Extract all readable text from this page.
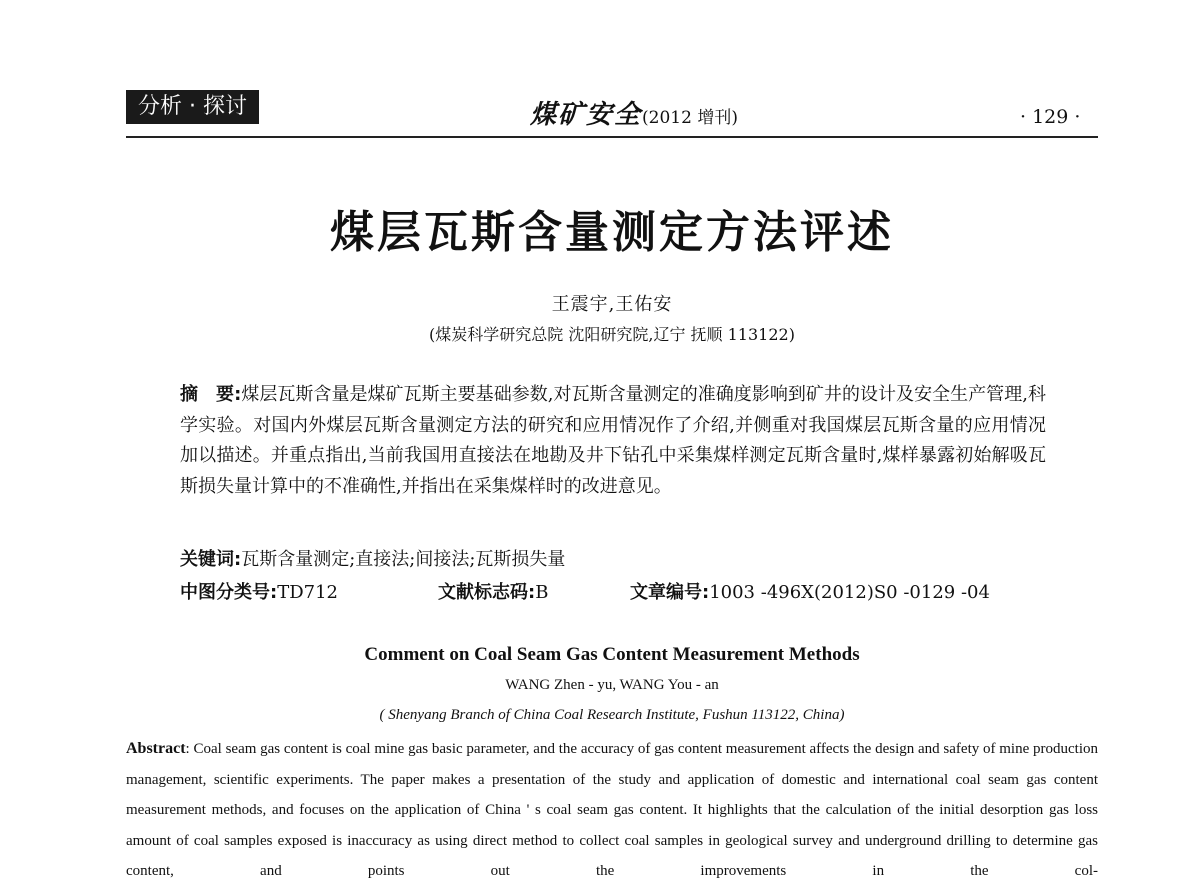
分析 · 探讨	煤矿安全(2012 增刊)	· 129 ·
煤层瓦斯含量测定方法评述
王震宇,王佑安
(煤炭科学研究总院 沈阳研究院,辽宁 抚顺 113122)
摘　要:煤层瓦斯含量是煤矿瓦斯主要基础参数,对瓦斯含量测定的准确度影响到矿井的设计及安全生产管理,科学实验。对国内外煤层瓦斯含量测定方法的研究和应用情况作了介绍,并侧重对我国煤层瓦斯含量的应用情况加以描述。并重点指出,当前我国用直接法在地勘及井下钻孔中采集煤样测定瓦斯含量时,煤样暴露初始解吸瓦斯损失量计算中的不准确性,并指出在采集煤样时的改进意见。
关键词:瓦斯含量测定;直接法;间接法;瓦斯损失量
中图分类号:TD712	文献标志码:B	文章编号:1003 -496X(2012)S0 -0129 -04
Comment on Coal Seam Gas Content Measurement Methods
WANG Zhen - yu, WANG You - an
( Shenyang Branch of China Coal Research Institute, Fushun 113122, China)
Abstract: Coal seam gas content is coal mine gas basic parameter, and the accuracy of gas content measurement affects the design and safety of mine production management, scientific experiments. The paper makes a presentation of the study and application of domestic and international coal seam gas content measurement methods, and focuses on the application of China ' s coal seam gas content. It highlights that the calculation of the initial desorption gas loss amount of coal samples exposed is inaccuracy as using direct method to collect coal samples in geological survey and underground drilling to determine gas content, and points out the improvements in the col-
